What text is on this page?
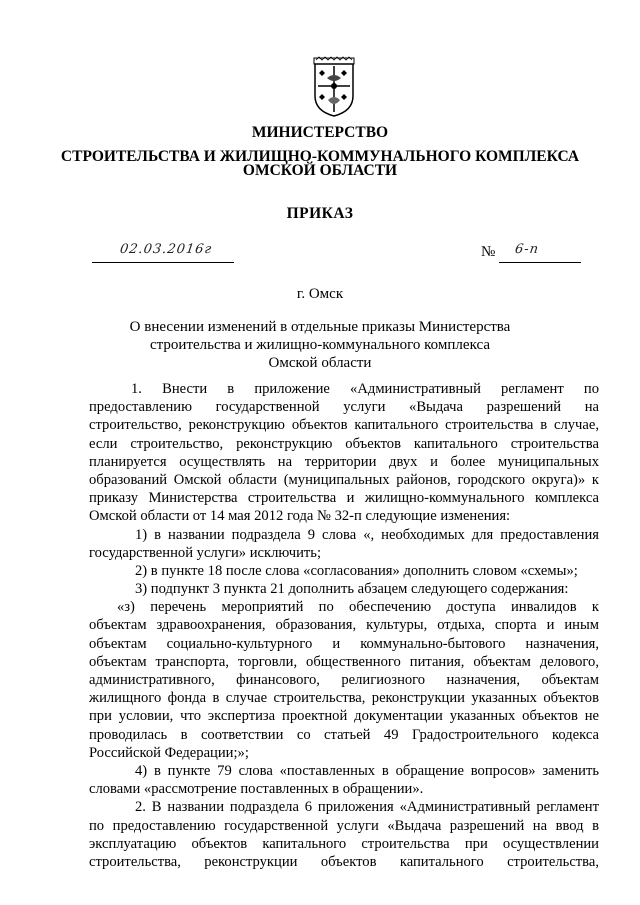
МИНИСТЕРСТВО
СТРОИТЕЛЬСТВА И ЖИЛИЩНО-КОММУНАЛЬНОГО КОМПЛЕКСА
ОМСКОЙ ОБЛАСТИ
ПРИКАЗ
02.03.2016г	№ 6-п
г. Омск
О внесении изменений в отдельные приказы Министерства
строительства и жилищно-коммунального комплекса
Омской области
1. Внести в приложение «Административный регламент по
предоставлению государственной услуги «Выдача разрешений на
строительство, реконструкцию объектов капитального строительства в случае,
если строительство, реконструкцию объектов капитального строительства
планируется осуществлять на территории двух и более муниципальных
образований Омской области (муниципальных районов, городского округа)» к
приказу Министерства строительства и жилищно-коммунального комплекса
Омской области от 14 мая 2012 года № 32-п следующие изменения:
1) в названии подраздела 9 слова «, необходимых для предоставления
государственной услуги» исключить;
2) в пункте 18 после слова «согласования» дополнить словом «схемы»;
3) подпункт 3 пункта 21 дополнить абзацем следующего содержания:
«з) перечень мероприятий по обеспечению доступа инвалидов к
объектам здравоохранения, образования, культуры, отдыха, спорта и иным
объектам социально-культурного и коммунально-бытового назначения,
объектам транспорта, торговли, общественного питания, объектам делового,
административного, финансового, религиозного назначения, объектам
жилищного фонда в случае строительства, реконструкции указанных объектов
при условии, что экспертиза проектной документации указанных объектов не
проводилась в соответствии со статьей 49 Градостроительного кодекса
Российской Федерации;»;
4) в пункте 79 слова «поставленных в обращение вопросов» заменить
словами «рассмотрение поставленных в обращении».
2. В названии подраздела 6 приложения «Административный регламент
по предоставлению государственной услуги «Выдача разрешений на ввод в
эксплуатацию объектов капитального строительства при осуществлении
строительства, реконструкции объектов капитального строительства,
